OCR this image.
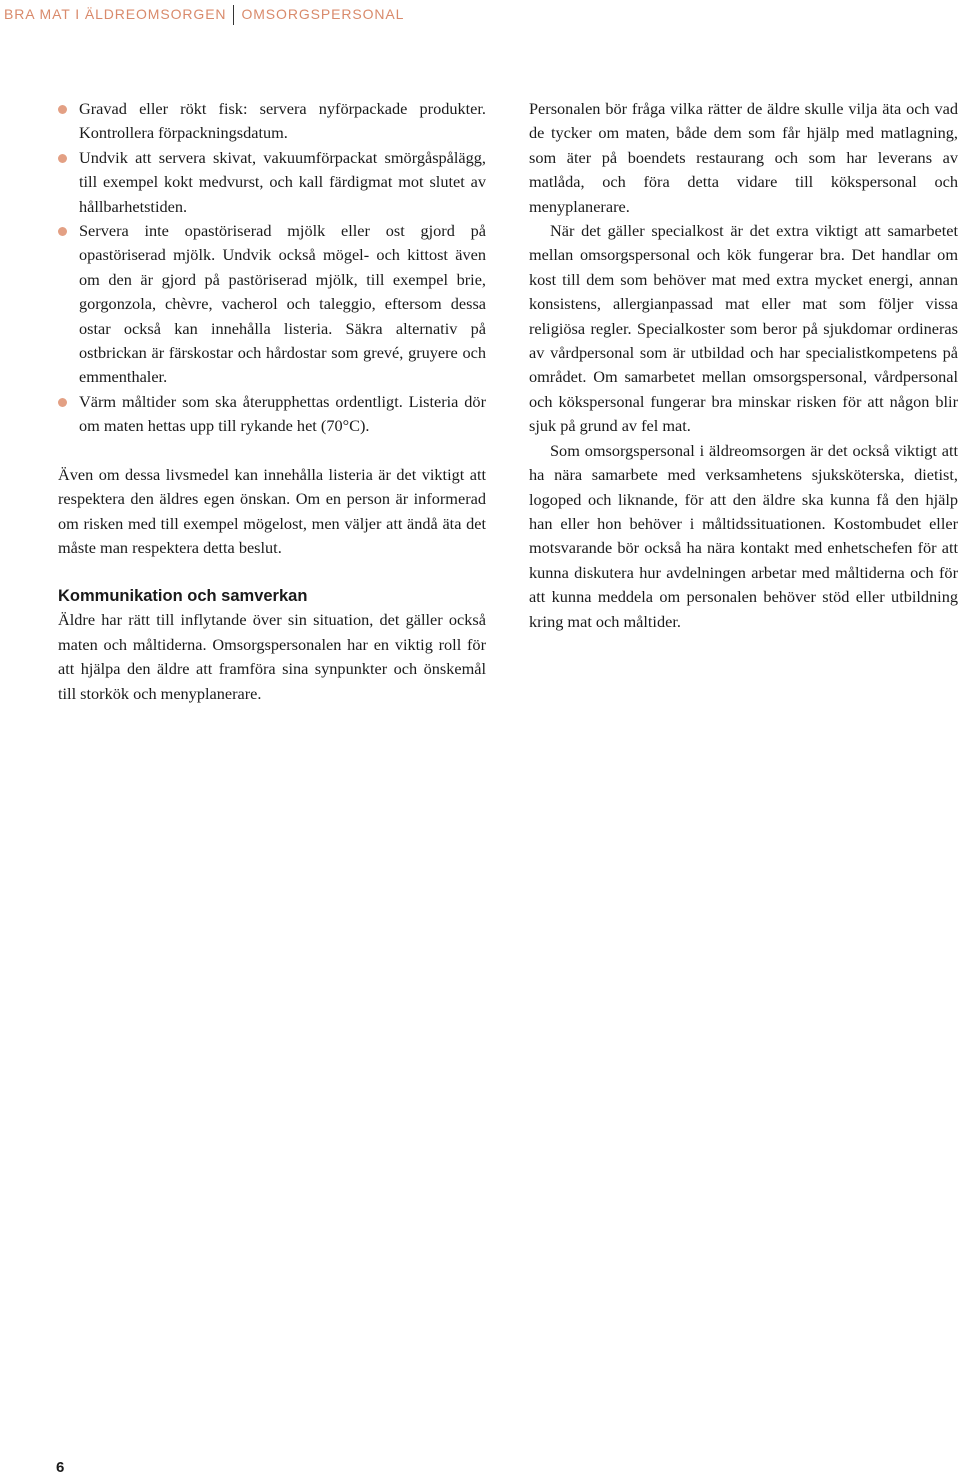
BRA MAT I ÄLDREOMSORGEN OMSORGSPERSONAL
Gravad eller rökt fisk: servera nyförpackade produkter. Kontrollera förpackningsdatum.
Undvik att servera skivat, vakuumförpackat smörgåspålägg, till exempel kokt medvurst, och kall färdigmat mot slutet av hållbarhetstiden.
Servera inte opastöriserad mjölk eller ost gjord på opastöriserad mjölk. Undvik också mögel- och kittost även om den är gjord på pastöriserad mjölk, till exempel brie, gorgonzola, chèvre, vacherol och taleggio, eftersom dessa ostar också kan innehålla listeria. Säkra alternativ på ostbrickan är färskostar och hårdostar som grevé, gruyere och emmenthaler.
Värm måltider som ska återupphettas ordentligt. Listeria dör om maten hettas upp till rykande het (70°C).

Även om dessa livsmedel kan innehålla listeria är det viktigt att respektera den äldres egen önskan. Om en person är informerad om risken med till exempel mögelost, men väljer att ändå äta det måste man respektera detta beslut.

Kommunikation och samverkan

Äldre har rätt till inflytande över sin situation, det gäller också maten och måltiderna. Omsorgspersonalen har en viktig roll för att hjälpa den äldre att framföra sina synpunkter och önskemål till storkök och menyplanerare.

Personalen bör fråga vilka rätter de äldre skulle vilja äta och vad de tycker om maten, både dem som får hjälp med matlagning, som äter på boendets restaurang och som har leverans av matlåda, och föra detta vidare till kökspersonal och menyplanerare.

När det gäller specialkost är det extra viktigt att samarbetet mellan omsorgspersonal och kök fungerar bra. Det handlar om kost till dem som behöver mat med extra mycket energi, annan konsistens, allergianpassad mat eller mat som följer vissa religiösa regler. Specialkoster som beror på sjukdomar ordineras av vårdpersonal som är utbildad och har specialistkompetens på området. Om samarbetet mellan omsorgspersonal, vårdpersonal och kökspersonal fungerar bra minskar risken för att någon blir sjuk på grund av fel mat.

Som omsorgspersonal i äldreomsorgen är det också viktigt att ha nära samarbete med verksamhetens sjuksköterska, dietist, logoped och liknande, för att den äldre ska kunna få den hjälp han eller hon behöver i måltidssituationen. Kostombudet eller motsvarande bör också ha nära kontakt med enhetschefen för att kunna diskutera hur avdelningen arbetar med måltiderna och för att kunna meddela om personalen behöver stöd eller utbildning kring mat och måltider.

6
